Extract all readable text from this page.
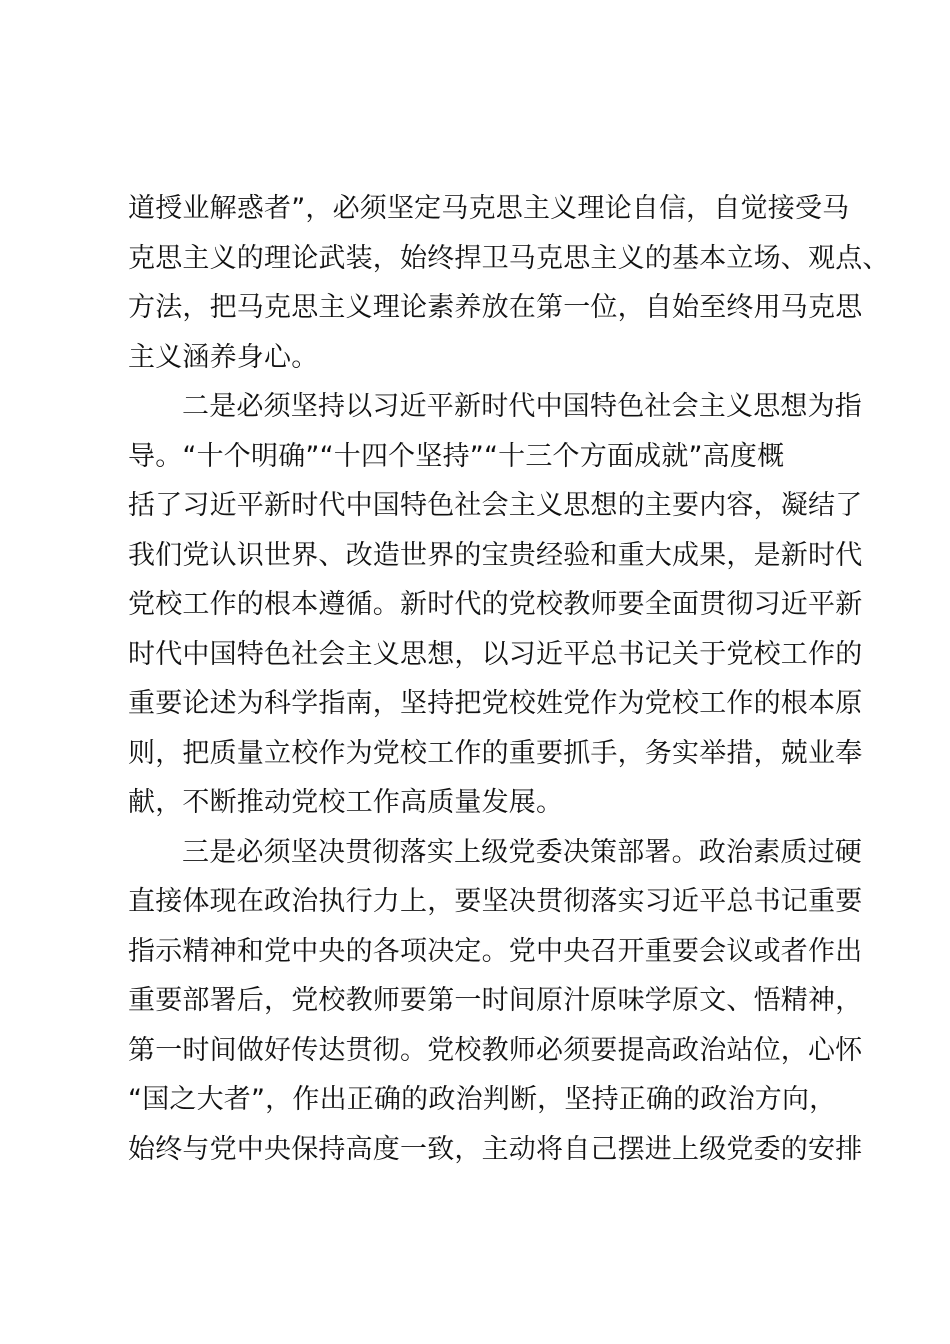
道授业解惑者”，必须坚定马克思主义理论自信，自觉接受马
克思主义的理论武装，始终捍卫马克思主义的基本立场、观点、
方法，把马克思主义理论素养放在第一位，自始至终用马克思
主义涵养身心。
二是必须坚持以习近平新时代中国特色社会主义思想为指
导。“十个明确”“十四个坚持”“十三个方面成就”高度概
括了习近平新时代中国特色社会主义思想的主要内容，凝结了
我们党认识世界、改造世界的宝贵经验和重大成果，是新时代
党校工作的根本遵循。新时代的党校教师要全面贯彻习近平新
时代中国特色社会主义思想，以习近平总书记关于党校工作的
重要论述为科学指南，坚持把党校姓党作为党校工作的根本原
则，把质量立校作为党校工作的重要抓手，务实举措，兢业奉
献，不断推动党校工作高质量发展。
三是必须坚决贯彻落实上级党委决策部署。政治素质过硬
直接体现在政治执行力上，要坚决贯彻落实习近平总书记重要
指示精神和党中央的各项决定。党中央召开重要会议或者作出
重要部署后，党校教师要第一时间原汁原味学原文、悟精神，
第一时间做好传达贯彻。党校教师必须要提高政治站位，心怀
“国之大者”，作出正确的政治判断，坚持正确的政治方向，
始终与党中央保持高度一致，主动将自己摆进上级党委的安排
